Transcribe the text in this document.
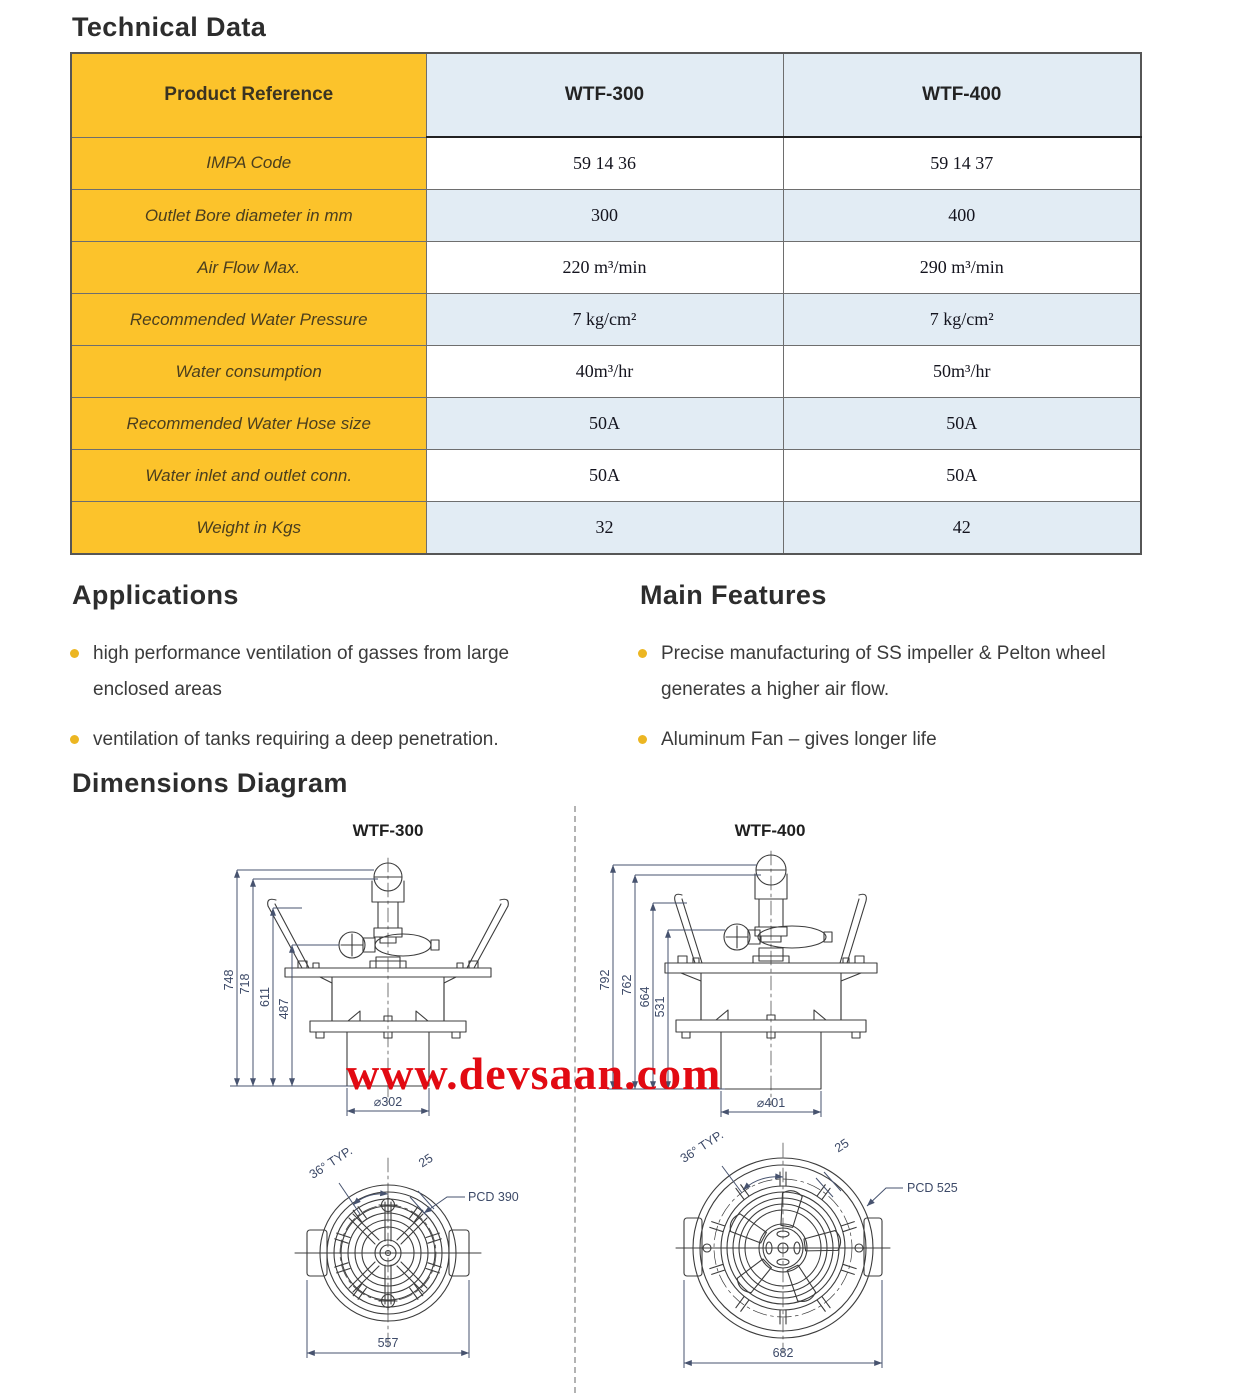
Technical Data
Product Reference	WTF-300	WTF-400
IMPA Code	59 14 36	59 14 37
Outlet Bore diameter in mm	300	400
Air Flow Max.	220 m³/min	290 m³/min
Recommended Water Pressure	7 kg/cm²	7 kg/cm²
Water consumption	40m³/hr	50m³/hr
Recommended Water Hose size	50A	50A
Water inlet and outlet conn.	50A	50A
Weight in Kgs	32	42
Applications
high performance ventilation of gasses from large enclosed areas
ventilation of tanks requiring a deep penetration.
Main Features
Precise manufacturing of SS impeller & Pelton wheel generates a higher air flow.
Aluminum Fan – gives longer life
Dimensions Diagram
WTF-300	WTF-400
748 718
611
487
⌀302
792 762
664 531
⌀401
36° TYP.	25
PCD 390
557
36° TYP.	25
PCD 525
682
www.devsaan.com
